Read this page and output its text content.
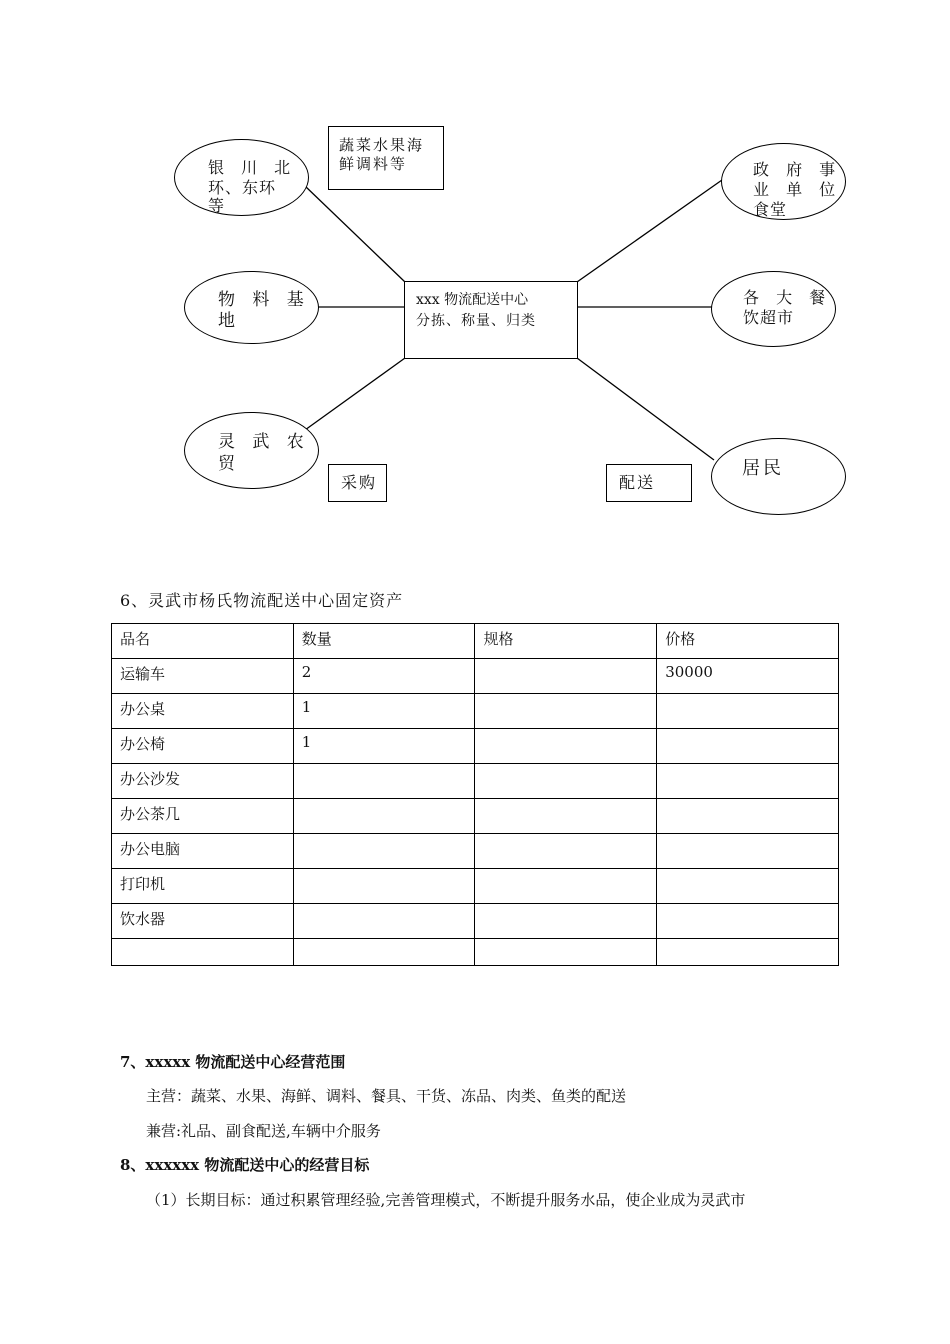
银 川 北
环、东环
等
物 料 基
地
灵 武 农
贸
蔬菜水果海
鲜调料等
xxx 物流配送中心
分拣、称量、归类
采购	配送
政 府 事
业 单 位
食堂
各 大 餐
饮超市
居民
6、灵武市杨氏物流配送中心固定资产
品名	数量	规格	价格
运输车	2		30000
办公桌	1		
办公椅	1		
办公沙发			
办公茶几			
办公电脑			
打印机			
饮水器			

7、xxxxx 物流配送中心经营范围
主营：蔬菜、水果、海鲜、调料、餐具、干货、冻品、肉类、鱼类的配送
兼营:礼品、副食配送,车辆中介服务
8、xxxxxx 物流配送中心的经营目标
（1）长期目标：通过积累管理经验,完善管理模式，不断提升服务水品，使企业成为灵武市
